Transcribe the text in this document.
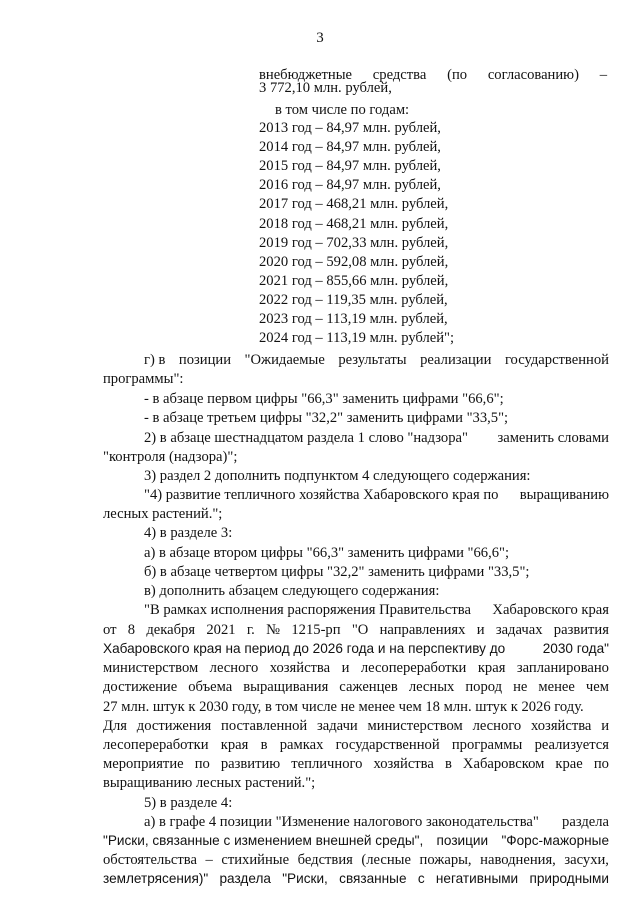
3
внебюджетные средства (по согласованию) –
3 772,10 млн. рублей,
в том числе по годам:
2013 год – 84,97 млн. рублей,
2014 год – 84,97 млн. рублей,
2015 год – 84,97 млн. рублей,
2016 год – 84,97 млн. рублей,
2017 год – 468,21 млн. рублей,
2018 год – 468,21 млн. рублей,
2019 год – 702,33 млн. рублей,
2020 год – 592,08 млн. рублей,
2021 год – 855,66 млн. рублей,
2022 год – 119,35 млн. рублей,
2023 год – 113,19 млн. рублей,
2024 год – 113,19 млн. рублей";
г) в позиции "Ожидаемые результаты реализации государственной
программы":
- в абзаце первом цифры "66,3" заменить цифрами "66,6";
- в абзаце третьем цифры "32,2" заменить цифрами "33,5";
2) в абзаце шестнадцатом раздела 1 слово "надзора" заменить словами
"контроля (надзора)";
3) раздел 2 дополнить подпунктом 4 следующего содержания:
"4) развитие тепличного хозяйства Хабаровского края по выращиванию
лесных растений.";
4) в разделе 3:
а) в абзаце втором цифры "66,3" заменить цифрами "66,6";
б) в абзаце четвертом цифры "32,2" заменить цифрами "33,5";
в) дополнить абзацем следующего содержания:
"В рамках исполнения распоряжения Правительства Хабаровского края
от 8 декабря 2021 г. № 1215-рп "О направлениях и задачах развития
Хабаровского края на период до 2026 года и на перспективу до	2030 года"
министерством лесного хозяйства и лесопереработки края запланировано
достижение объема выращивания саженцев лесных пород не менее чем
27 млн. штук к 2030 году, в том числе не менее чем 18 млн. штук к 2026 году.
Для достижения поставленной задачи министерством лесного хозяйства и
лесопереработки края в рамках государственной программы реализуется
мероприятие по развитию тепличного хозяйства в Хабаровском крае по
выращиванию лесных растений.";
5) в разделе 4:
а) в графе 4 позиции "Изменение налогового законодательства" раздела
"Риски, связанные с изменением внешней среды", позиции "Форс-мажорные
обстоятельства – стихийные бедствия (лесные пожары, наводнения, засухи,
землетрясения)" раздела "Риски, связанные с негативными природными
